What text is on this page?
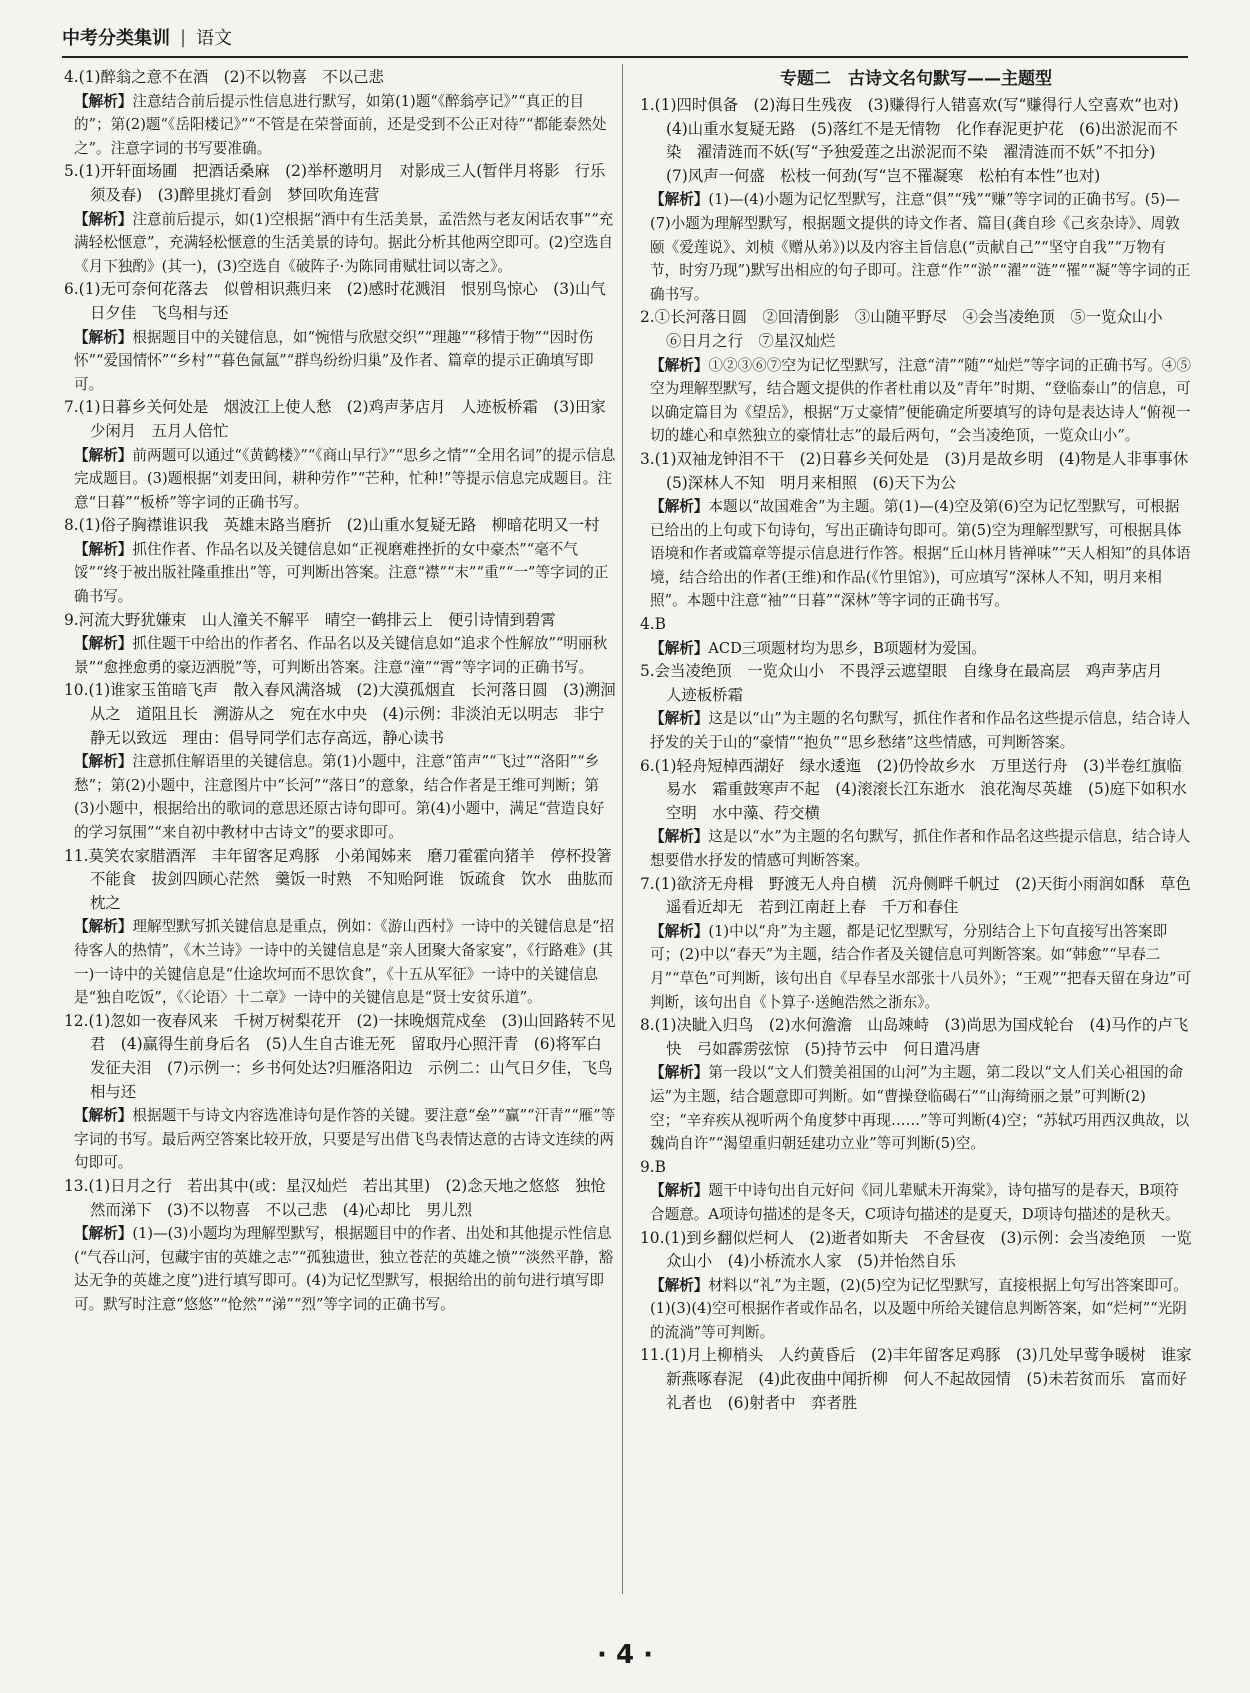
中考分类集训 | 语文
4.(1)醉翁之意不在酒　(2)不以物喜　不以己悲
【解析】注意结合前后提示性信息进行默写，如第(1)题“《醉翁亭记》”“真正的目的”；第(2)题“《岳阳楼记》”“不管是在荣誉面前，还是受到不公正对待”“都能泰然处之”。注意字词的书写要准确。
5.(1)开轩面场圃　把酒话桑麻　(2)举杯邀明月　对影成三人(暂伴月将影　行乐须及春)　(3)醉里挑灯看剑　梦回吹角连营
【解析】注意前后提示，如(1)空根据“酒中有生活美景，孟浩然与老友闲话农事”“充满轻松惬意”，充满轻松惬意的生活美景的诗句。据此分析其他两空即可。(2)空选自《月下独酌》(其一)，(3)空选自《破阵子·为陈同甫赋壮词以寄之》。
6.(1)无可奈何花落去　似曾相识燕归来　(2)感时花溅泪　恨别鸟惊心　(3)山气日夕佳　飞鸟相与还
【解析】根据题目中的关键信息，如“惋惜与欣慰交织”“理趣”“移情于物”“因时伤怀”“爱国情怀”“乡村”“暮色氤氲”“群鸟纷纷归巢”及作者、篇章的提示正确填写即可。
7.(1)日暮乡关何处是　烟波江上使人愁　(2)鸡声茅店月　人迹板桥霜　(3)田家少闲月　五月人倍忙
【解析】前两题可以通过“《黄鹤楼》”“《商山早行》”“思乡之情”“全用名词”的提示信息完成题目。(3)题根据“刘麦田间，耕种劳作”“芒种，忙种!”等提示信息完成题目。注意“日暮”“板桥”等字词的正确书写。
8.(1)俗子胸襟谁识我　英雄末路当磨折　(2)山重水复疑无路　柳暗花明又一村
【解析】抓住作者、作品名以及关键信息如“正视磨难挫折的女中豪杰”“毫不气馁”“终于被出版社隆重推出”等，可判断出答案。注意“襟”“末”“重”“一”等字词的正确书写。
9.河流大野犹嫌束　山人潼关不解平　晴空一鹤排云上　便引诗情到碧霄
【解析】抓住题干中给出的作者名、作品名以及关键信息如“追求个性解放”“明丽秋景”“愈挫愈勇的豪迈洒脱”等，可判断出答案。注意“潼”“霄”等字词的正确书写。
10.(1)谁家玉笛暗飞声　散入春风满洛城　(2)大漠孤烟直　长河落日圆　(3)溯洄从之　道阻且长　溯游从之　宛在水中央　(4)示例：非淡泊无以明志　非宁静无以致远　理由：倡导同学们志存高远，静心读书
【解析】注意抓住解语里的关键信息。第(1)小题中，注意“笛声”“飞过”“洛阳”“乡愁”；第(2)小题中，注意图片中“长河”“落日”的意象，结合作者是王维可判断；第(3)小题中，根据给出的歌词的意思还原古诗句即可。第(4)小题中，满足“营造良好的学习氛围”“来自初中教材中古诗文”的要求即可。
11.莫笑农家腊酒浑　丰年留客足鸡豚　小弟闻姊来　磨刀霍霍向猪羊　停杯投箸不能食　拔剑四顾心茫然　羹饭一时熟　不知贻阿谁　饭疏食　饮水　曲肱而枕之
【解析】理解型默写抓关键信息是重点，例如：《游山西村》一诗中的关键信息是“招待客人的热情”，《木兰诗》一诗中的关键信息是“亲人团聚大备家宴”，《行路难》(其一)一诗中的关键信息是“仕途坎坷而不思饮食”，《十五从军征》一诗中的关键信息是“独自吃饭”，《〈论语〉十二章》一诗中的关键信息是“贤士安贫乐道”。
12.(1)忽如一夜春风来　千树万树梨花开　(2)一抹晚烟荒戍垒　(3)山回路转不见君　(4)赢得生前身后名　(5)人生自古谁无死　留取丹心照汗青　(6)将军白发征夫泪　(7)示例一：乡书何处达?归雁洛阳边　示例二：山气日夕佳，飞鸟相与还
【解析】根据题干与诗文内容选准诗句是作答的关键。要注意“垒”“赢”“汗青”“雁”等字词的书写。最后两空答案比较开放，只要是写出借飞鸟表情达意的古诗文连续的两句即可。
13.(1)日月之行　若出其中(或：星汉灿烂　若出其里)　(2)念天地之悠悠　独怆然而涕下　(3)不以物喜　不以己悲　(4)心却比　男儿烈
【解析】(1)—(3)小题均为理解型默写，根据题目中的作者、出处和其他提示性信息(“气吞山河，包藏宇宙的英雄之志”“孤独遗世，独立苍茫的英雄之愤”“淡然平静，豁达无争的英雄之度”)进行填写即可。(4)为记忆型默写，根据给出的前句进行填写即可。默写时注意“悠悠”“怆然”“涕”“烈”等字词的正确书写。
专题二　古诗文名句默写——主题型
1.(1)四时俱备　(2)海日生残夜　(3)赚得行人错喜欢(写“赚得行人空喜欢”也对)　(4)山重水复疑无路　(5)落红不是无情物　化作春泥更护花　(6)出淤泥而不染　濯清涟而不妖(写“予独爱莲之出淤泥而不染　濯清涟而不妖”不扣分)　(7)风声一何盛　松枝一何劲(写“岂不罹凝寒　松柏有本性”也对)
【解析】(1)—(4)小题为记忆型默写，注意“俱”“残”“赚”等字词的正确书写。(5)—(7)小题为理解型默写，根据题文提供的诗文作者、篇目(龚自珍《己亥杂诗》、周敦颐《爱莲说》、刘桢《赠从弟》)以及内容主旨信息(“贡献自己”“坚守自我”“万物有节，时穷乃现”)默写出相应的句子即可。注意“作”“淤”“濯”“涟”“罹”“凝”等字词的正确书写。
2.①长河落日圆　②回清倒影　③山随平野尽　④会当凌绝顶　⑤一览众山小　⑥日月之行　⑦星汉灿烂
【解析】①②③⑥⑦空为记忆型默写，注意“清”“随”“灿烂”等字词的正确书写。④⑤空为理解型默写，结合题文提供的作者杜甫以及“青年”时期、“登临泰山”的信息，可以确定篇目为《望岳》，根据“万丈豪情”便能确定所要填写的诗句是表达诗人“俯视一切的雄心和卓然独立的豪情壮志”的最后两句，“会当凌绝顶，一览众山小”。
3.(1)双袖龙钟泪不干　(2)日暮乡关何处是　(3)月是故乡明　(4)物是人非事事休　(5)深林人不知　明月来相照　(6)天下为公
【解析】本题以“故国难舍”为主题。第(1)—(4)空及第(6)空为记忆型默写，可根据已给出的上句或下句诗句，写出正确诗句即可。第(5)空为理解型默写，可根据具体语境和作者或篇章等提示信息进行作答。根据“丘山林月皆禅味”“天人相知”的具体语境，结合给出的作者(王维)和作品(《竹里馆》)，可应填写“深林人不知，明月来相照”。本题中注意“袖”“日暮”“深林”等字词的正确书写。
4.B
【解析】ACD三项题材均为思乡，B项题材为爱国。
5.会当凌绝顶　一览众山小　不畏浮云遮望眼　自缘身在最高层　鸡声茅店月　人迹板桥霜
【解析】这是以“山”为主题的名句默写，抓住作者和作品名这些提示信息，结合诗人抒发的关于山的“豪情”“抱负”“思乡愁绪”这些情感，可判断答案。
6.(1)轻舟短棹西湖好　绿水逶迤　(2)仍怜故乡水　万里送行舟　(3)半卷红旗临易水　霜重鼓寒声不起　(4)滚滚长江东逝水　浪花淘尽英雄　(5)庭下如积水空明　水中藻、荇交横
【解析】这是以“水”为主题的名句默写，抓住作者和作品名这些提示信息，结合诗人想要借水抒发的情感可判断答案。
7.(1)欲济无舟楫　野渡无人舟自横　沉舟侧畔千帆过　(2)天街小雨润如酥　草色遥看近却无　若到江南赶上春　千万和春住
【解析】(1)中以“舟”为主题，都是记忆型默写，分别结合上下句直接写出答案即可；(2)中以“春天”为主题，结合作者及关键信息可判断答案。如“韩愈”“早春二月”“草色”可判断，该句出自《早春呈水部张十八员外》；“王观”“把春天留在身边”可判断，该句出自《卜算子·送鲍浩然之浙东》。
8.(1)决眦入归鸟　(2)水何澹澹　山岛竦峙　(3)尚思为国戍轮台　(4)马作的卢飞快　弓如霹雳弦惊　(5)持节云中　何日遣冯唐
【解析】第一段以“文人们赞美祖国的山河”为主题，第二段以“文人们关心祖国的命运”为主题，结合题意即可判断。如“曹操登临碣石”“山海绮丽之景”可判断(2)空；“辛弃疾从视听两个角度梦中再现……”等可判断(4)空；“苏轼巧用西汉典故，以魏尚自许”“渴望重归朝廷建功立业”等可判断(5)空。
9.B
【解析】题干中诗句出自元好问《同儿辈赋未开海棠》，诗句描写的是春天，B项符合题意。A项诗句描述的是冬天，C项诗句描述的是夏天，D项诗句描述的是秋天。
10.(1)到乡翻似烂柯人　(2)逝者如斯夫　不舍昼夜　(3)示例：会当凌绝顶　一览众山小　(4)小桥流水人家　(5)并怡然自乐
【解析】材料以“礼”为主题，(2)(5)空为记忆型默写，直接根据上句写出答案即可。(1)(3)(4)空可根据作者或作品名，以及题中所给关键信息判断答案，如“烂柯”“光阴的流淌”等可判断。
11.(1)月上柳梢头　人约黄昏后　(2)丰年留客足鸡豚　(3)几处早莺争暖树　谁家新燕啄春泥　(4)此夜曲中闻折柳　何人不起故园情　(5)未若贫而乐　富而好礼者也　(6)射者中　弈者胜
· 4 ·
